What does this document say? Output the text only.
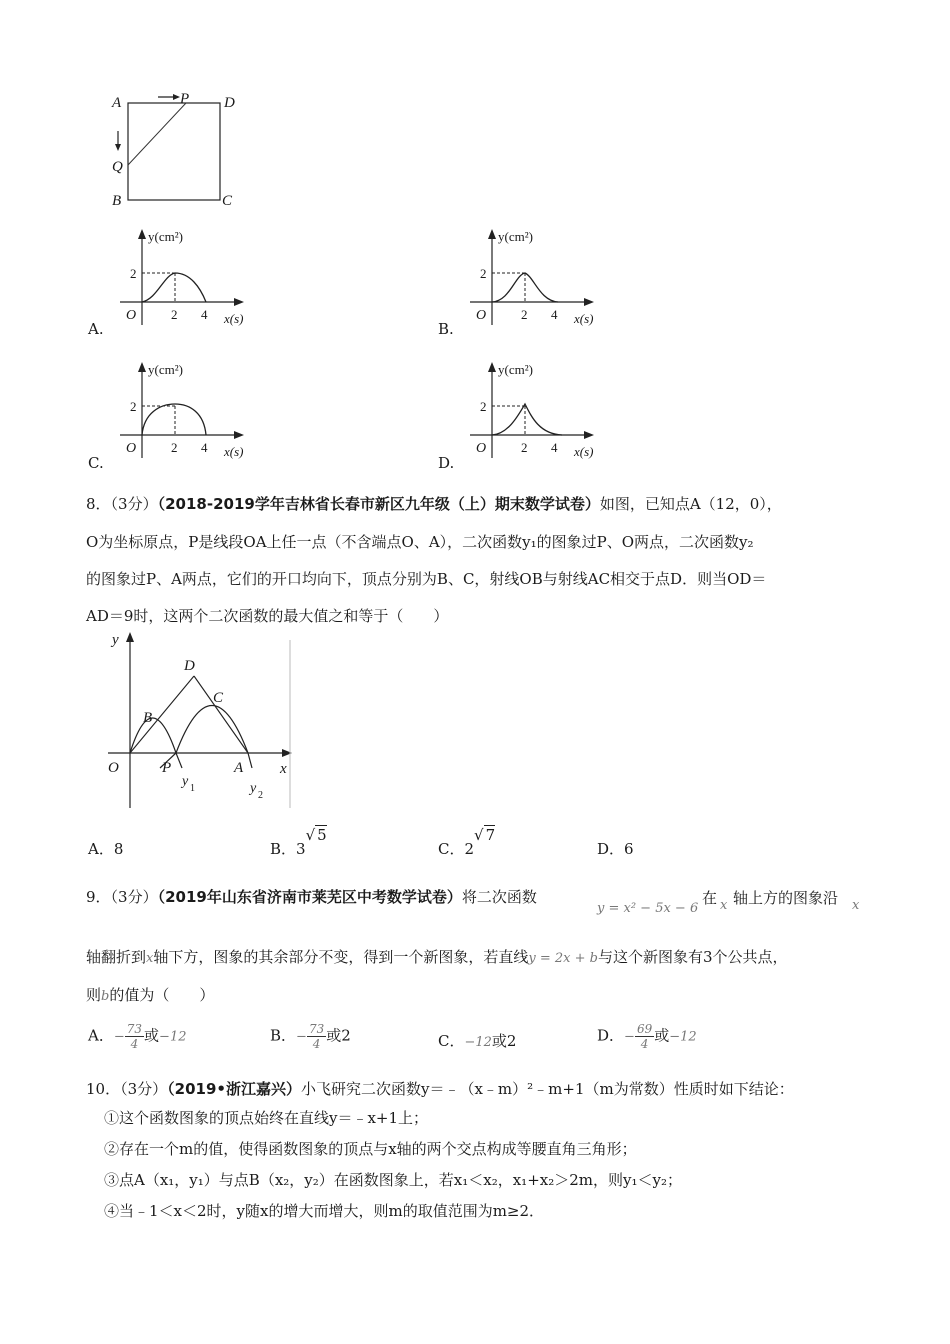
A	P D
Q
B	C
A.	B.
C.	D.
y(cm²)
x(s)
O	2 4
2
y(cm²)
x(s)
O	2 4
2
y(cm²)
x(s)
O	2 4
2
y(cm²)
x(s)
O	2 4
2
8．（3分）（2018-2019学年吉林省长春市新区九年级（上）期末数学试卷）如图，已知点A（12，0），
O为坐标原点，P是线段OA上任一点（不含端点O、A），二次函数y₁的图象过P、O两点，二次函数y₂
的图象过P、A两点，它们的开口均向下，顶点分别为B、C，射线OB与射线AC相交于点D．则当OD＝
AD＝9时，这两个二次函数的最大值之和等于（　　）
y
x
D
B
C
O	P	A
y 1	y 2
A．8	B．3√ 5
C．2√ 7
D．6
9．（3分）（2019年山东省济南市莱芜区中考数学试卷）将二次函数
y = x² − 5x − 6
在 x 轴上方的图象沿 x
轴翻折到x轴下方，图象的其余部分不变，得到一个新图象，若直线y = 2x + b与这个新图象有3个公共点，
则b的值为（　　）
A．− $\frac{73}{4}$ 或−12	B．− $\frac{73}{4}$ 或2	C．−12或2	D．− $\frac{69}{4}$ 或−12
10．（3分）（2019•浙江嘉兴）小飞研究二次函数y＝﹣（x﹣m）²﹣m+1（m为常数）性质时如下结论：
①这个函数图象的顶点始终在直线y＝﹣x+1上；
②存在一个m的值，使得函数图象的顶点与x轴的两个交点构成等腰直角三角形；
③点A（x₁，y₁）与点B（x₂，y₂）在函数图象上，若x₁＜x₂，x₁+x₂＞2m，则y₁＜y₂；
④当﹣1＜x＜2时，y随x的增大而增大，则m的取值范围为m≥2．
